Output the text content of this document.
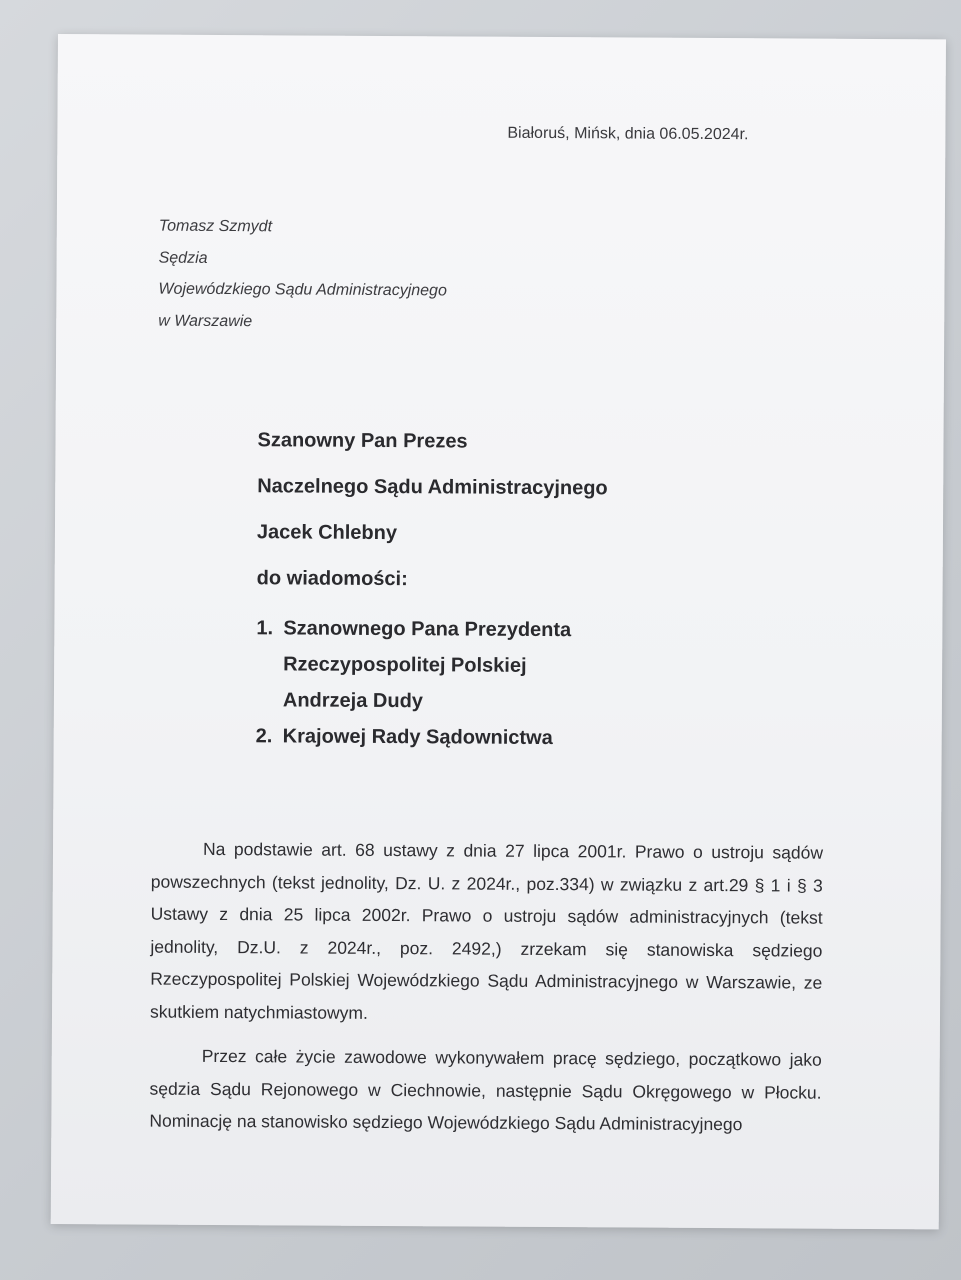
Białoruś, Mińsk, dnia 06.05.2024r.
Tomasz Szmydt
Sędzia
Wojewódzkiego Sądu Administracyjnego
w Warszawie
Szanowny Pan Prezes
Naczelnego Sądu Administracyjnego
Jacek Chlebny
do wiadomości:
1. Szanownego Pana Prezydenta
Rzeczypospolitej Polskiej
Andrzeja Dudy
2. Krajowej Rady Sądownictwa

Na podstawie art. 68 ustawy z dnia 27 lipca 2001r. Prawo o ustroju sądów powszechnych (tekst jednolity, Dz. U. z 2024r., poz.334) w związku z art.29 § 1 i § 3 Ustawy z dnia 25 lipca 2002r. Prawo o ustroju sądów administracyjnych (tekst jednolity, Dz.U. z 2024r., poz. 2492,) zrzekam się stanowiska sędziego Rzeczypospolitej Polskiej Wojewódzkiego Sądu Administracyjnego w Warszawie, ze skutkiem natychmiastowym.

Przez całe życie zawodowe wykonywałem pracę sędziego, początkowo jako sędzia Sądu Rejonowego w Ciechnowie, następnie Sądu Okręgowego w Płocku. Nominację na stanowisko sędziego Wojewódzkiego Sądu Administracyjnego
